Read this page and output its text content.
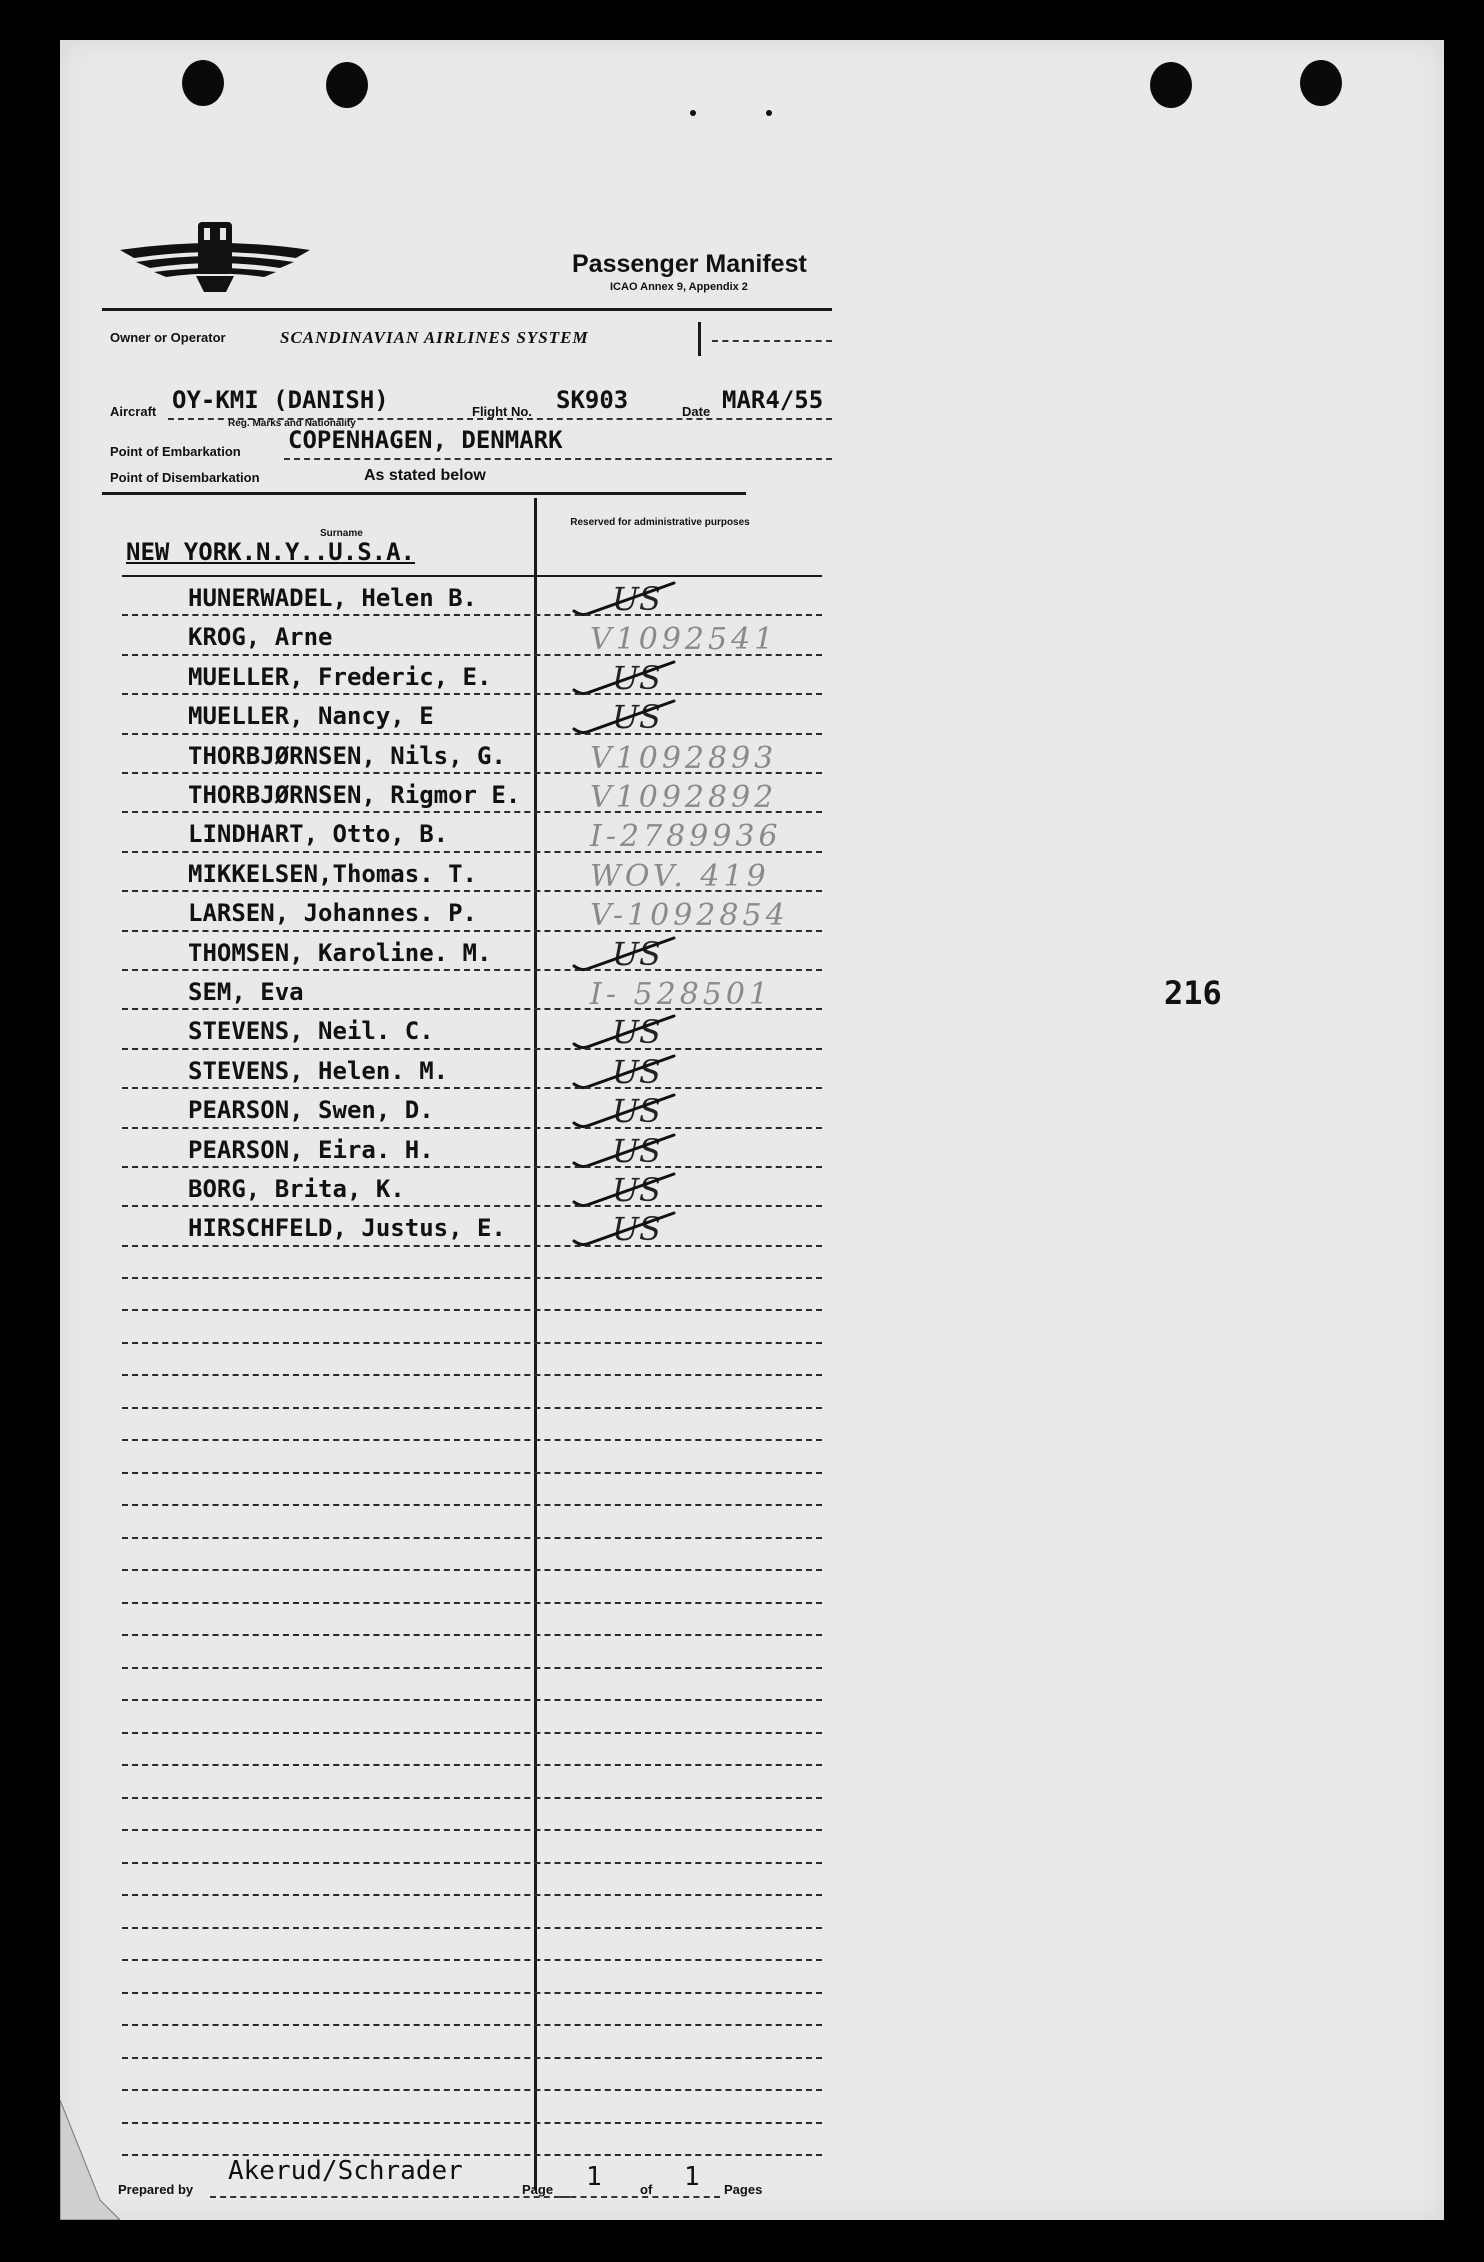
Passenger Manifest
ICAO Annex 9, Appendix 2
Owner or Operator	SCANDINAVIAN AIRLINES SYSTEM
Aircraft OY-KMI (DANISH)
Reg. Marks and Nationality
Flight No. SK903	Date MAR4/55
Point of Embarkation COPENHAGEN, DENMARK
Point of Disembarkation	As stated below
Surname
Reserved for administrative purposes
NEW YORK.N.Y..U.S.A.
HUNERWADEL, Helen B.	US
KROG, Arne	V1092541
MUELLER, Frederic, E.	US
MUELLER, Nancy, E	US
THORBJØRNSEN, Nils, G.	V1092893
THORBJØRNSEN, Rigmor E. V1092892
LINDHART, Otto, B.	I-2789936
MIKKELSEN,Thomas. T.	WOV. 419
LARSEN, Johannes. P.	V-1092854
THOMSEN, Karoline. M.	US
SEM, Eva	I- 528501
STEVENS, Neil. C.	US
STEVENS, Helen. M.	US
PEARSON, Swen, D.	US
PEARSON, Eira. H.	US
BORG, Brita, K.	US
HIRSCHFELD, Justus, E.	US
216
Prepared by
Akerud/Schrader
Page 1	of 1 Pages
